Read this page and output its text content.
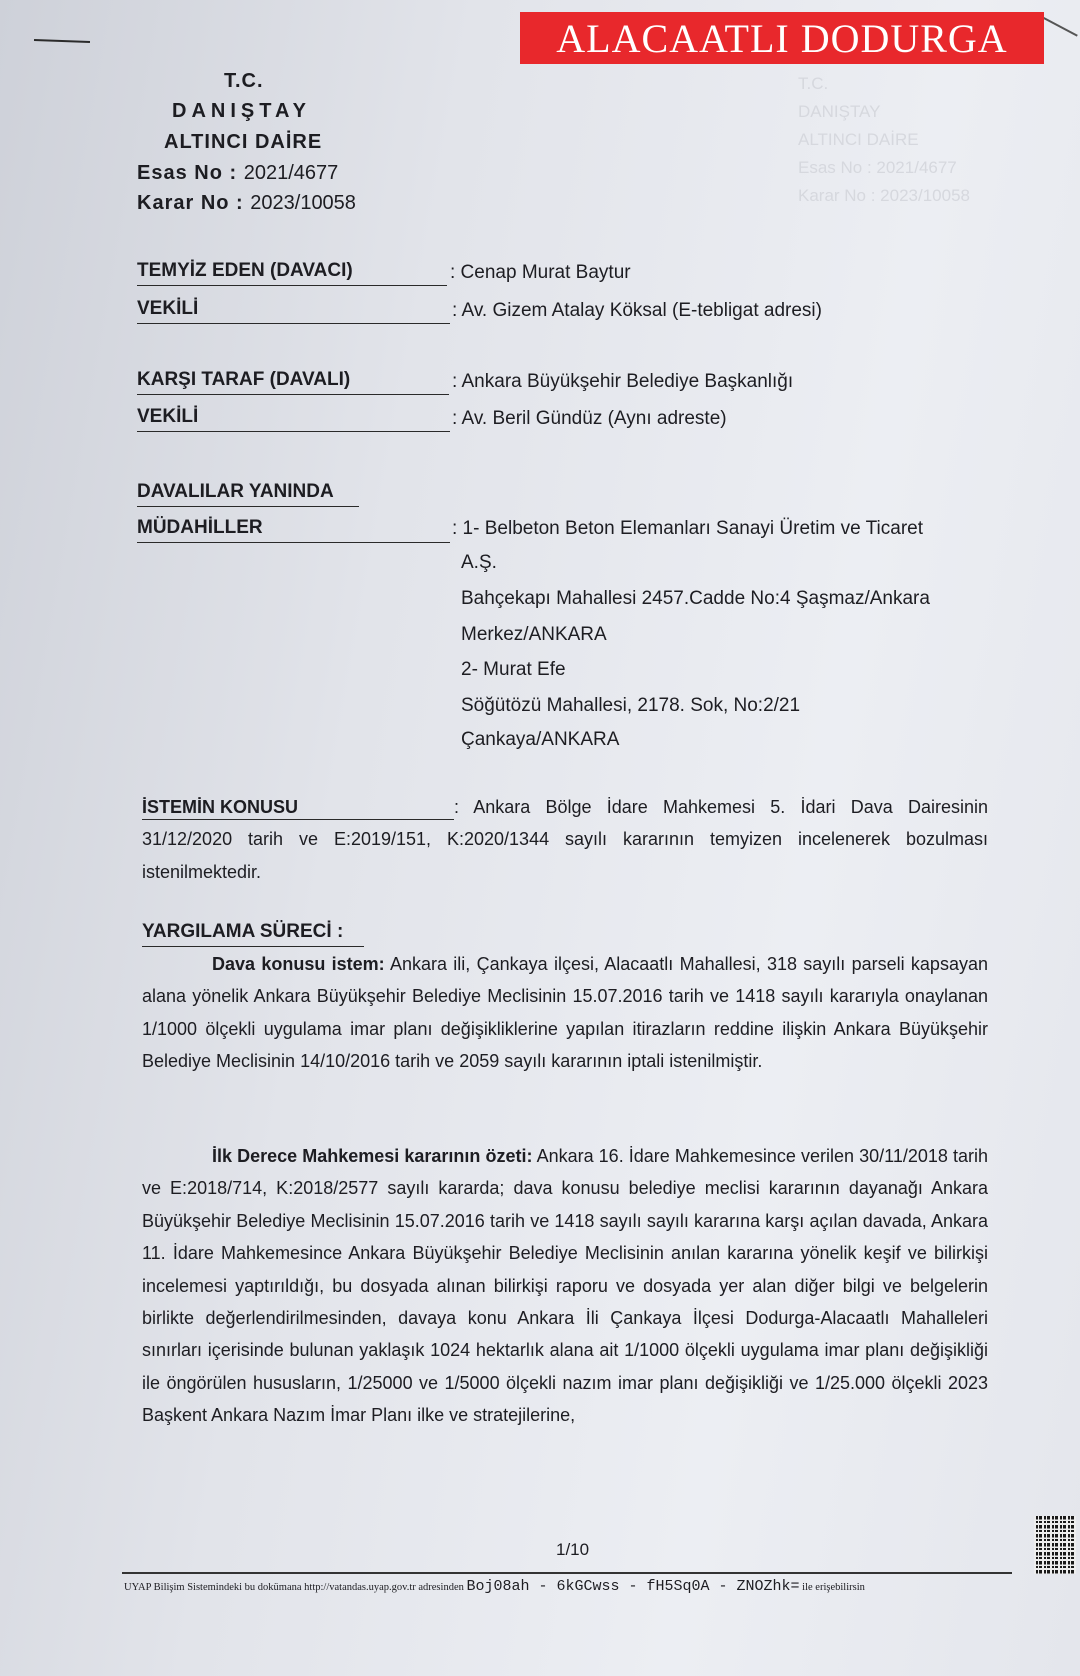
T.C.
DANIŞTAY
ALTINCI DAİRE
Esas No : 2021/4677
Karar No : 2023/10058
ALACAATLI DODURGA
T.C.
DANIŞTAY
ALTINCI DAİRE
Esas No : 2021/4677
Karar No : 2023/10058
TEMYİZ EDEN (DAVACI)	: Cenap Murat Baytur
VEKİLİ	: Av. Gizem Atalay Köksal (E-tebligat adresi)
KARŞI TARAF (DAVALI)	: Ankara Büyükşehir Belediye Başkanlığı
VEKİLİ	: Av. Beril Gündüz (Aynı adreste)
DAVALILAR YANINDA
MÜDAHİLLER	: 1- Belbeton Beton Elemanları Sanayi Üretim ve Ticaret
A.Ş.
Bahçekapı Mahallesi 2457.Cadde No:4 Şaşmaz/Ankara
Merkez/ANKARA
2- Murat Efe
Söğütözü Mahallesi, 2178. Sok, No:2/21
Çankaya/ANKARA
İSTEMİN KONUSU	: Ankara Bölge İdare Mahkemesi 5. İdari Dava Dairesinin 31/12/2020 tarih ve E:2019/151, K:2020/1344 sayılı kararının temyizen incelenerek bozulması istenilmektedir.
YARGILAMA SÜRECİ :
Dava konusu istem: Ankara ili, Çankaya ilçesi, Alacaatlı Mahallesi, 318 sayılı parseli kapsayan alana yönelik Ankara Büyükşehir Belediye Meclisinin 15.07.2016 tarih ve 1418 sayılı kararıyla onaylanan 1/1000 ölçekli uygulama imar planı değişikliklerine yapılan itirazların reddine ilişkin Ankara Büyükşehir Belediye Meclisinin 14/10/2016 tarih ve 2059 sayılı kararının iptali istenilmiştir.
İlk Derece Mahkemesi kararının özeti: Ankara 16. İdare Mahkemesince verilen 30/11/2018 tarih ve E:2018/714, K:2018/2577 sayılı kararda; dava konusu belediye meclisi kararının dayanağı Ankara Büyükşehir Belediye Meclisinin 15.07.2016 tarih ve 1418 sayılı sayılı kararına karşı açılan davada, Ankara 11. İdare Mahkemesince Ankara Büyükşehir Belediye Meclisinin anılan kararına yönelik keşif ve bilirkişi incelemesi yaptırıldığı, bu dosyada alınan bilirkişi raporu ve dosyada yer alan diğer bilgi ve belgelerin birlikte değerlendirilmesinden, davaya konu Ankara İli Çankaya İlçesi Dodurga-Alacaatlı Mahalleleri sınırları içerisinde bulunan yaklaşık 1024 hektarlık alana ait 1/1000 ölçekli uygulama imar planı değişikliği ile öngörülen hususların, 1/25000 ve 1/5000 ölçekli nazım imar planı değişikliği ve 1/25.000 ölçekli 2023 Başkent Ankara Nazım İmar Planı ilke ve stratejilerine,
1/10
UYAP Bilişim Sistemindeki bu dokümana http://vatandas.uyap.gov.tr adresinden Boj08ah - 6kGCwss - fH5Sq0A - ZNOZhk= ile erişebilirsin
